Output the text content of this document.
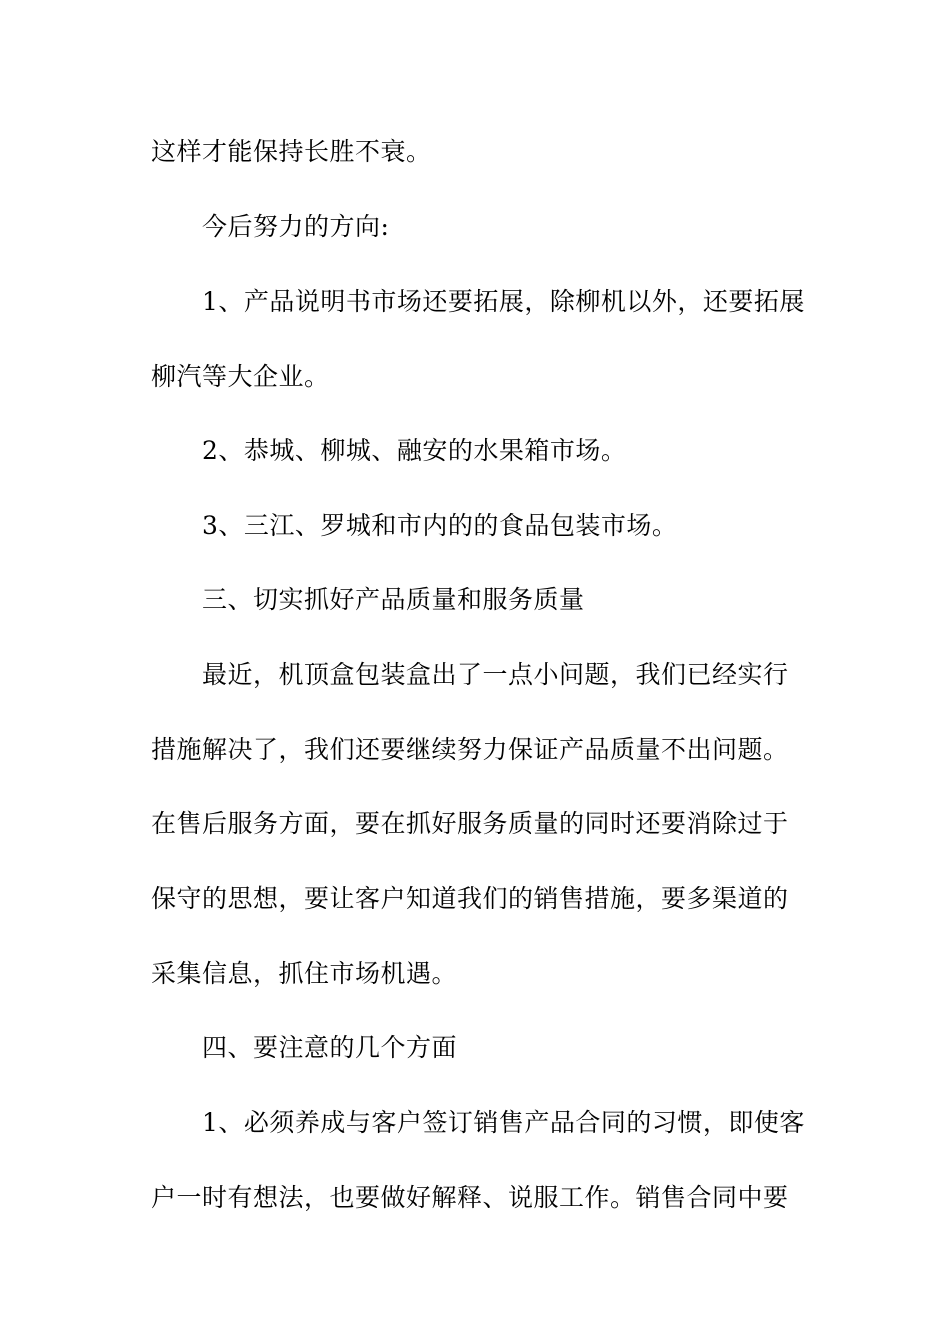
这样才能保持长胜不衰。
今后努力的方向:
1、产品说明书市场还要拓展，除柳机以外，还要拓展
柳汽等大企业。
2、恭城、柳城、融安的水果箱市场。
3、三江、罗城和市内的的食品包装市场。
三、切实抓好产品质量和服务质量
最近，机顶盒包装盒出了一点小问题，我们已经实行
措施解决了，我们还要继续努力保证产品质量不出问题。
在售后服务方面，要在抓好服务质量的同时还要消除过于
保守的思想，要让客户知道我们的销售措施，要多渠道的
采集信息，抓住市场机遇。
四、要注意的几个方面
1、必须养成与客户签订销售产品合同的习惯，即使客
户一时有想法，也要做好解释、说服工作。销售合同中要
